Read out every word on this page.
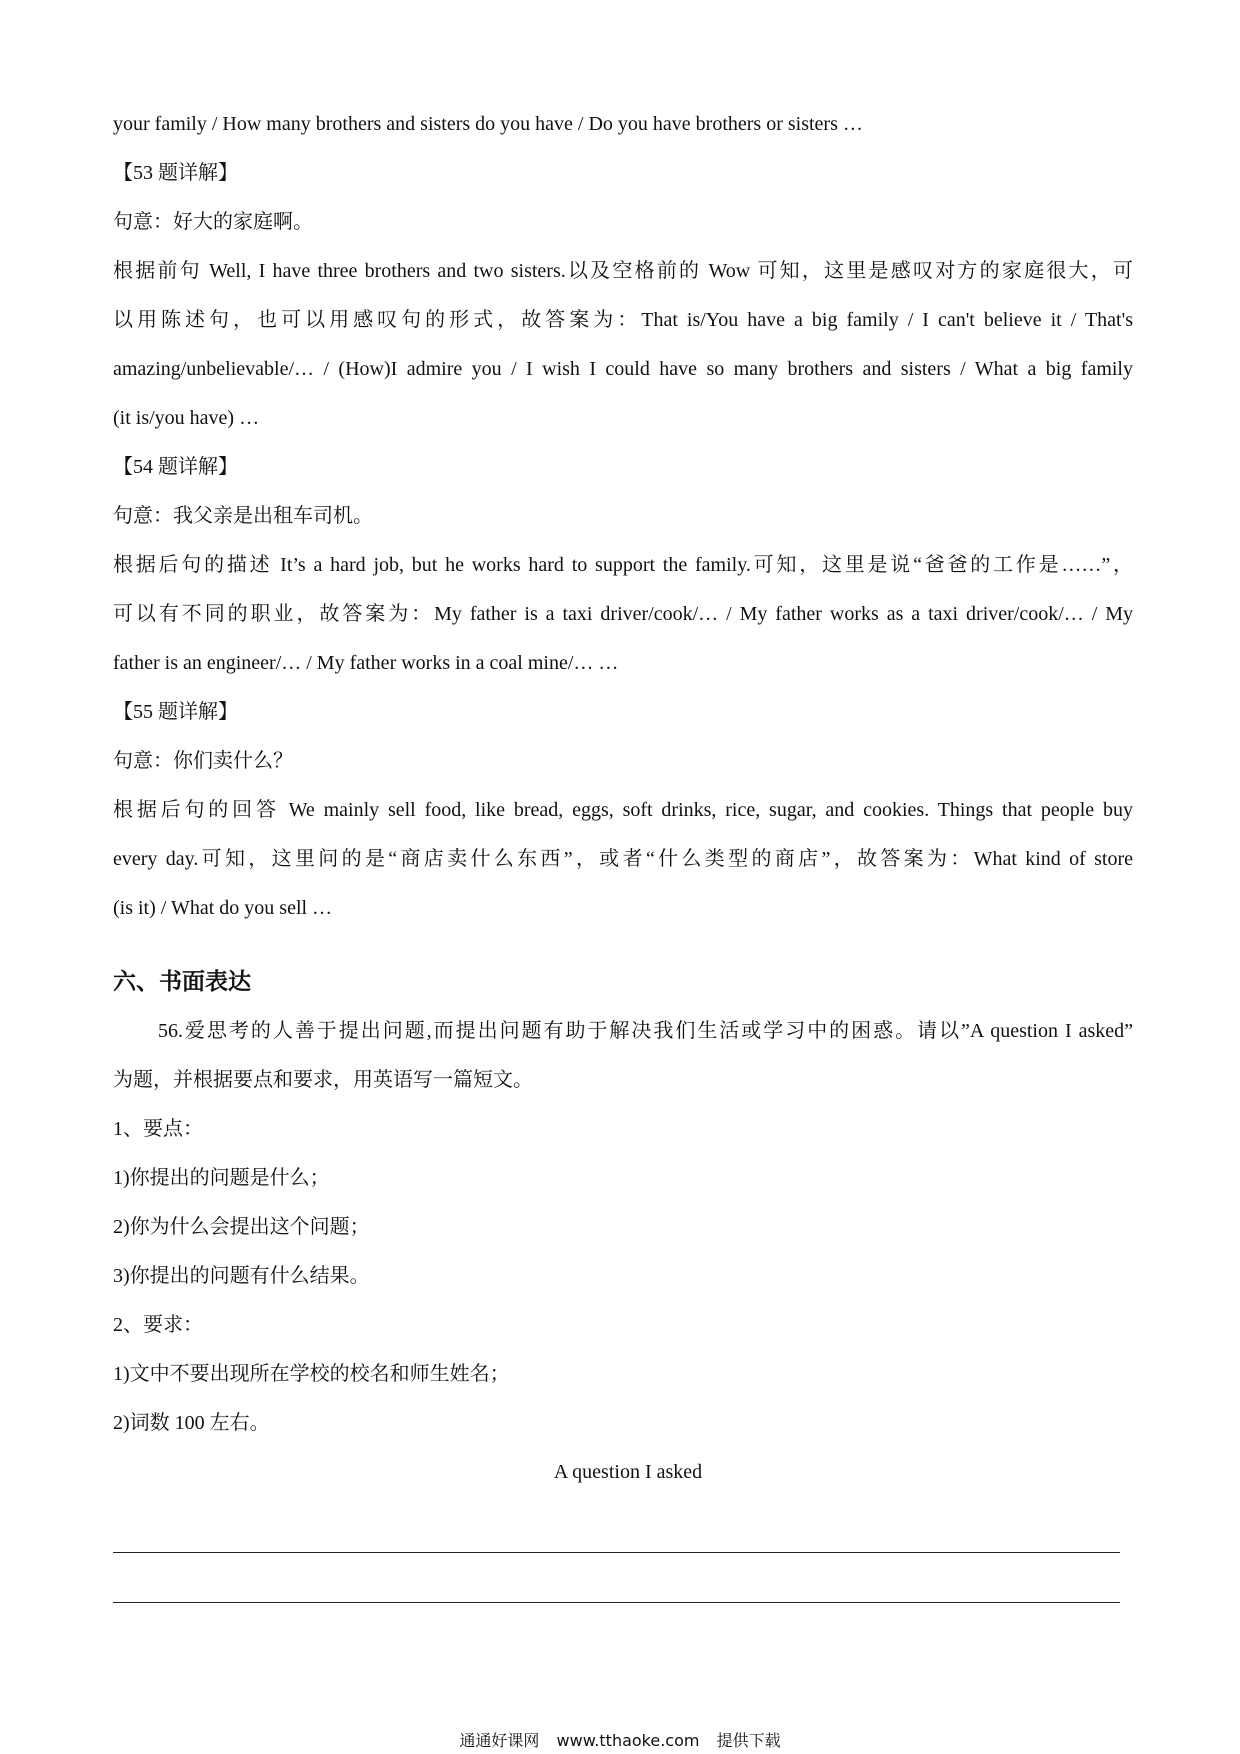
your family / How many brothers and sisters do you have / Do you have brothers or sisters …
【53 题详解】
句意：好大的家庭啊。
根据前句 Well, I have three brothers and two sisters.以及空格前的 Wow 可知，这里是感叹对方的家庭很大，可
以用陈述句，也可以用感叹句的形式，故答案为：That is/You have a big family / I can't believe it / That's
amazing/unbelievable/… / (How)I admire you / I wish I could have so many brothers and sisters / What a big family
(it is/you have) …
【54 题详解】
句意：我父亲是出租车司机。
根据后句的描述 It’s a hard job, but he works hard to support the family.可知，这里是说“爸爸的工作是……”，
可以有不同的职业，故答案为：My father is a taxi driver/cook/… / My father works as a taxi driver/cook/… / My
father is an engineer/… / My father works in a coal mine/… …
【55 题详解】
句意：你们卖什么？
根据后句的回答 We mainly sell food, like bread, eggs, soft drinks, rice, sugar, and cookies. Things that people buy
every day.可知，这里问的是“商店卖什么东西”，或者“什么类型的商店”，故答案为：What kind of store
(is it) / What do you sell …
六、书面表达
56.爱思考的人善于提出问题,而提出问题有助于解决我们生活或学习中的困惑。请以”A question I asked”
为题，并根据要点和要求，用英语写一篇短文。
1、要点：
1)你提出的问题是什么；
2)你为什么会提出这个问题；
3)你提出的问题有什么结果。
2、要求：
1)文中不要出现所在学校的校名和师生姓名；
2)词数 100 左右。
A question I asked
通通好课网 www.tthaoke.com 提供下载
